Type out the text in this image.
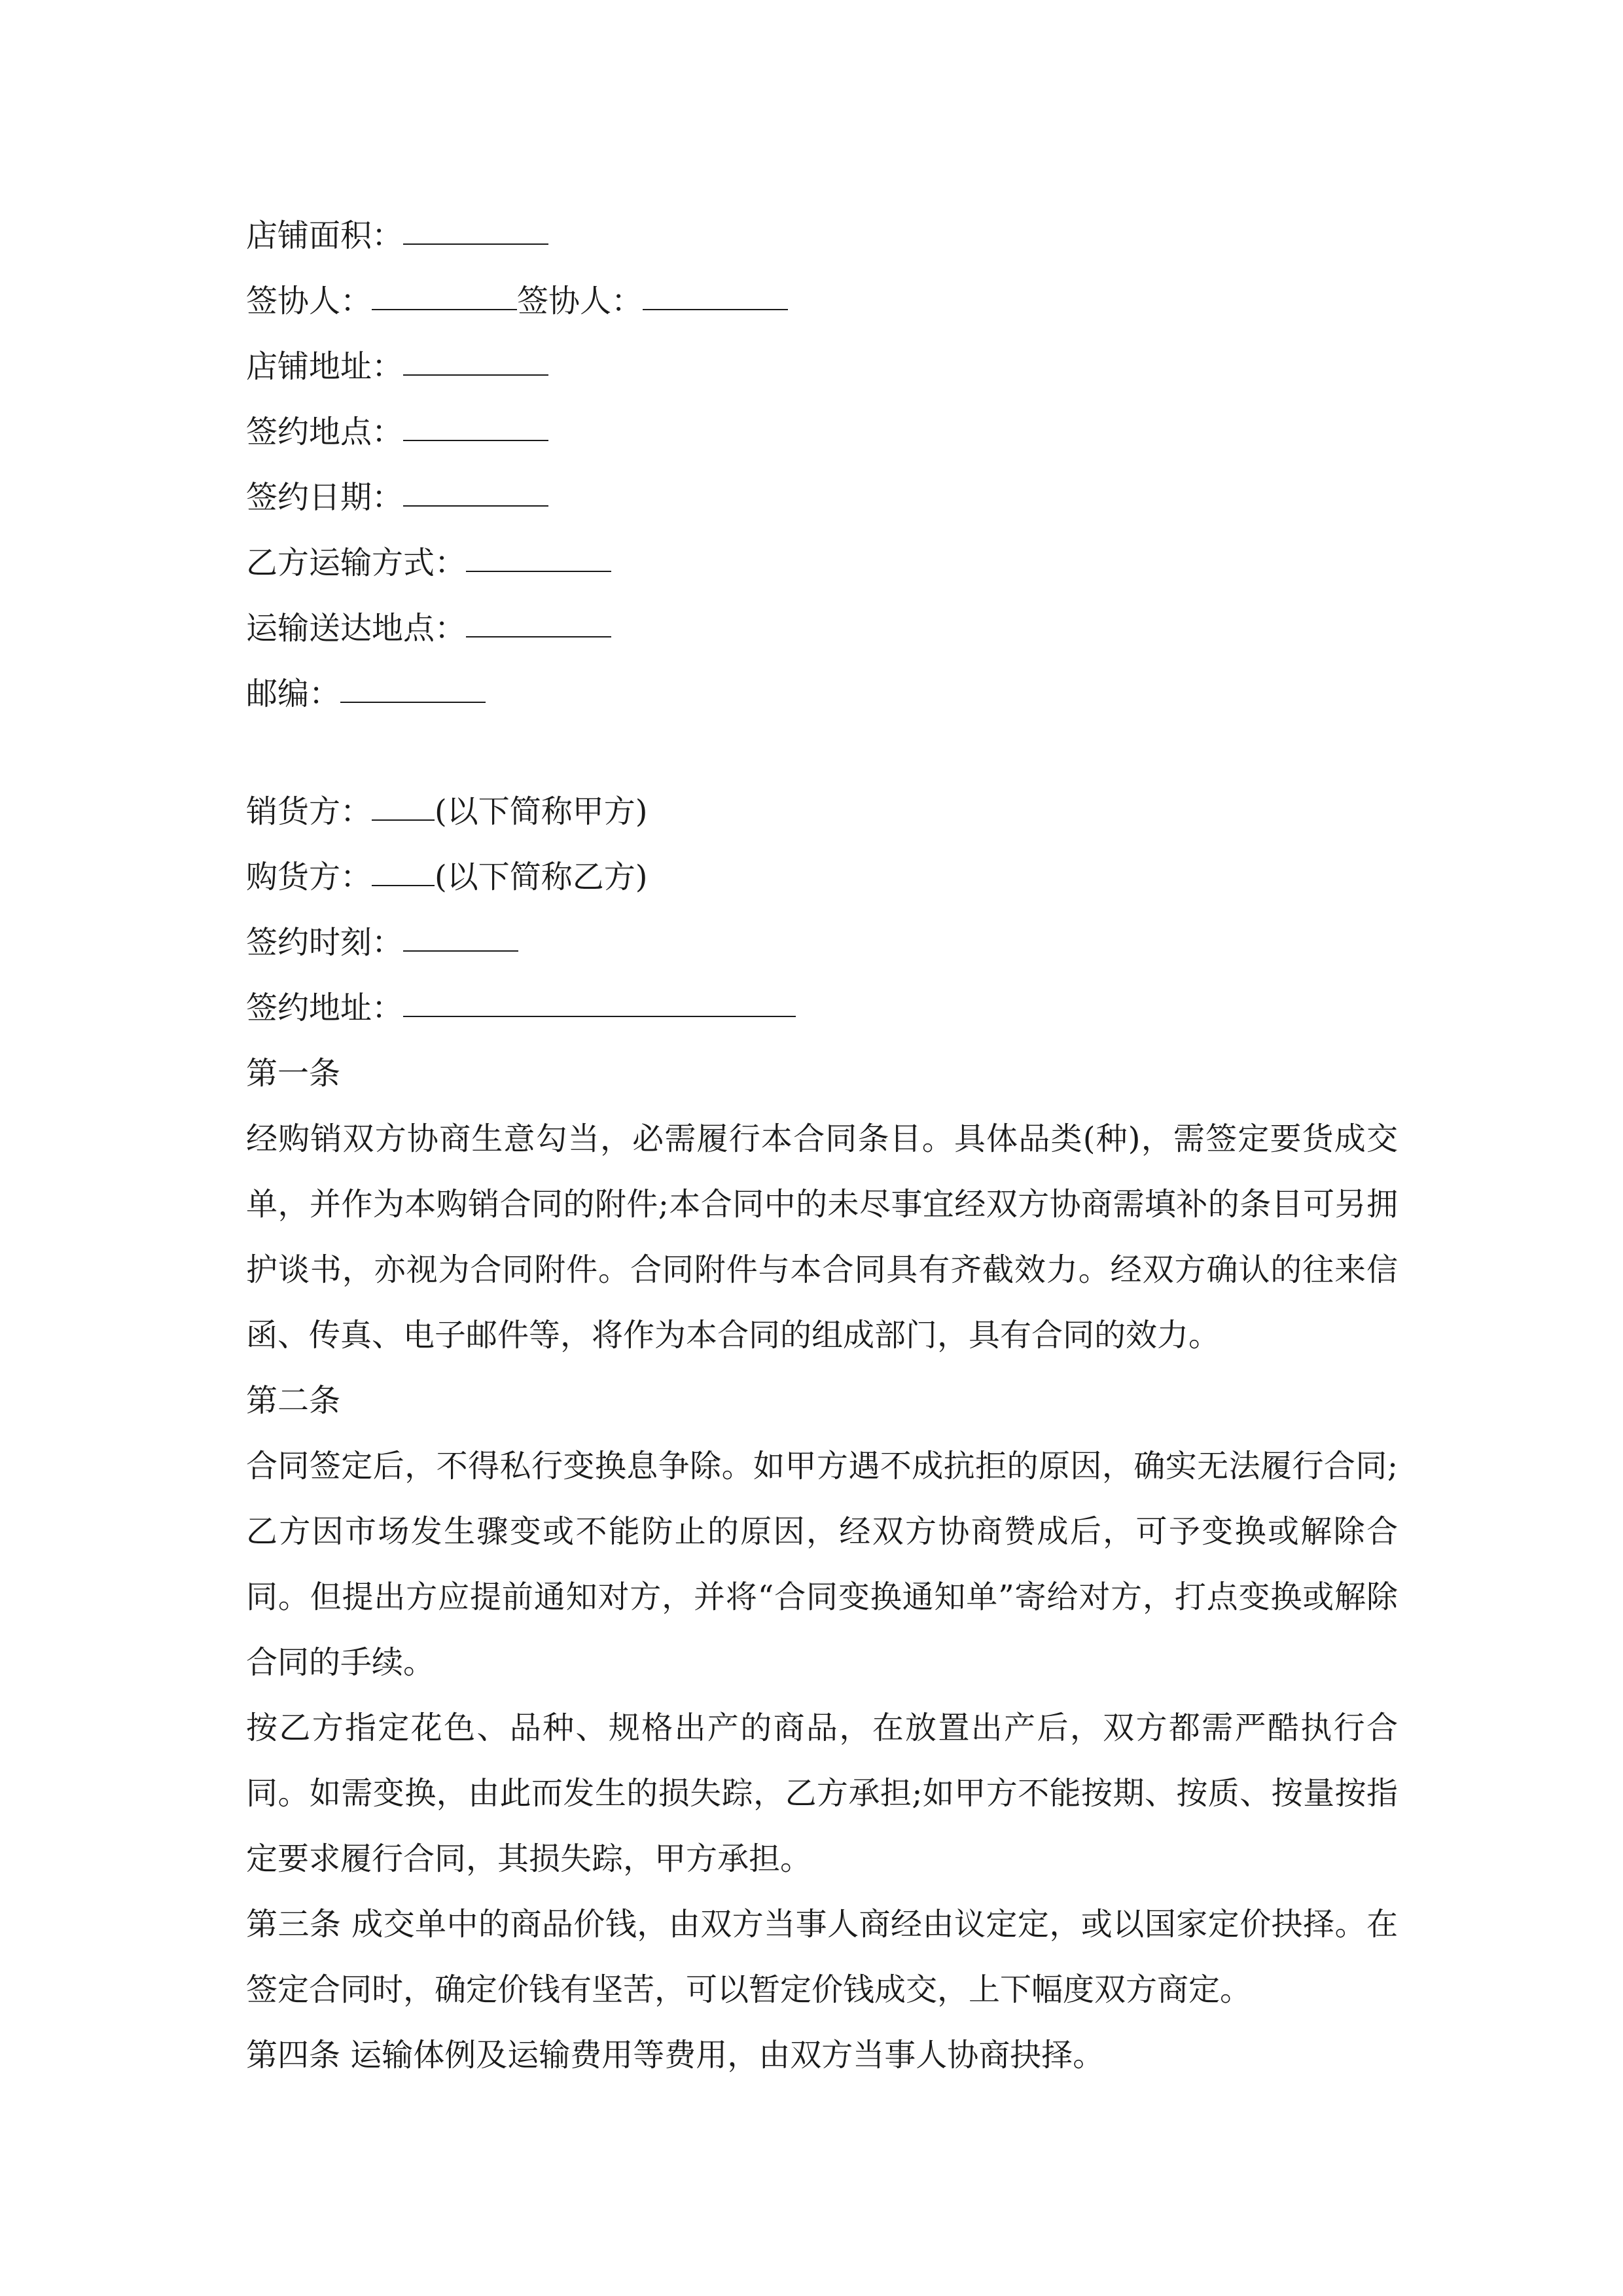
店铺面积：
签协人：	签协人：
店铺地址：
签约地点：
签约日期：
乙方运输方式：
运输送达地点：
邮编：
销货方： (以下简称甲方)
购货方： (以下简称乙方)
签约时刻：
签约地址：
第一条
经购销双方协商生意勾当，必需履行本合同条目。具体品类(种)，需签定要货成交单，并作为本购销合同的附件;本合同中的未尽事宜经双方协商需填补的条目可另拥护谈书，亦视为合同附件。合同附件与本合同具有齐截效力。经双方确认的往来信函、传真、电子邮件等，将作为本合同的组成部门，具有合同的效力。
第二条
合同签定后，不得私行变换息争除。如甲方遇不成抗拒的原因，确实无法履行合同;乙方因市场发生骤变或不能防止的原因，经双方协商赞成后，可予变换或解除合同。但提出方应提前通知对方，并将“合同变换通知单”寄给对方，打点变换或解除合同的手续。
按乙方指定花色、品种、规格出产的商品，在放置出产后，双方都需严酷执行合同。如需变换，由此而发生的损失踪，乙方承担;如甲方不能按期、按质、按量按指定要求履行合同，其损失踪，甲方承担。
第三条 成交单中的商品价钱，由双方当事人商经由议定定，或以国家定价抉择。在签定合同时，确定价钱有坚苦，可以暂定价钱成交，上下幅度双方商定。
第四条 运输体例及运输费用等费用，由双方当事人协商抉择。
